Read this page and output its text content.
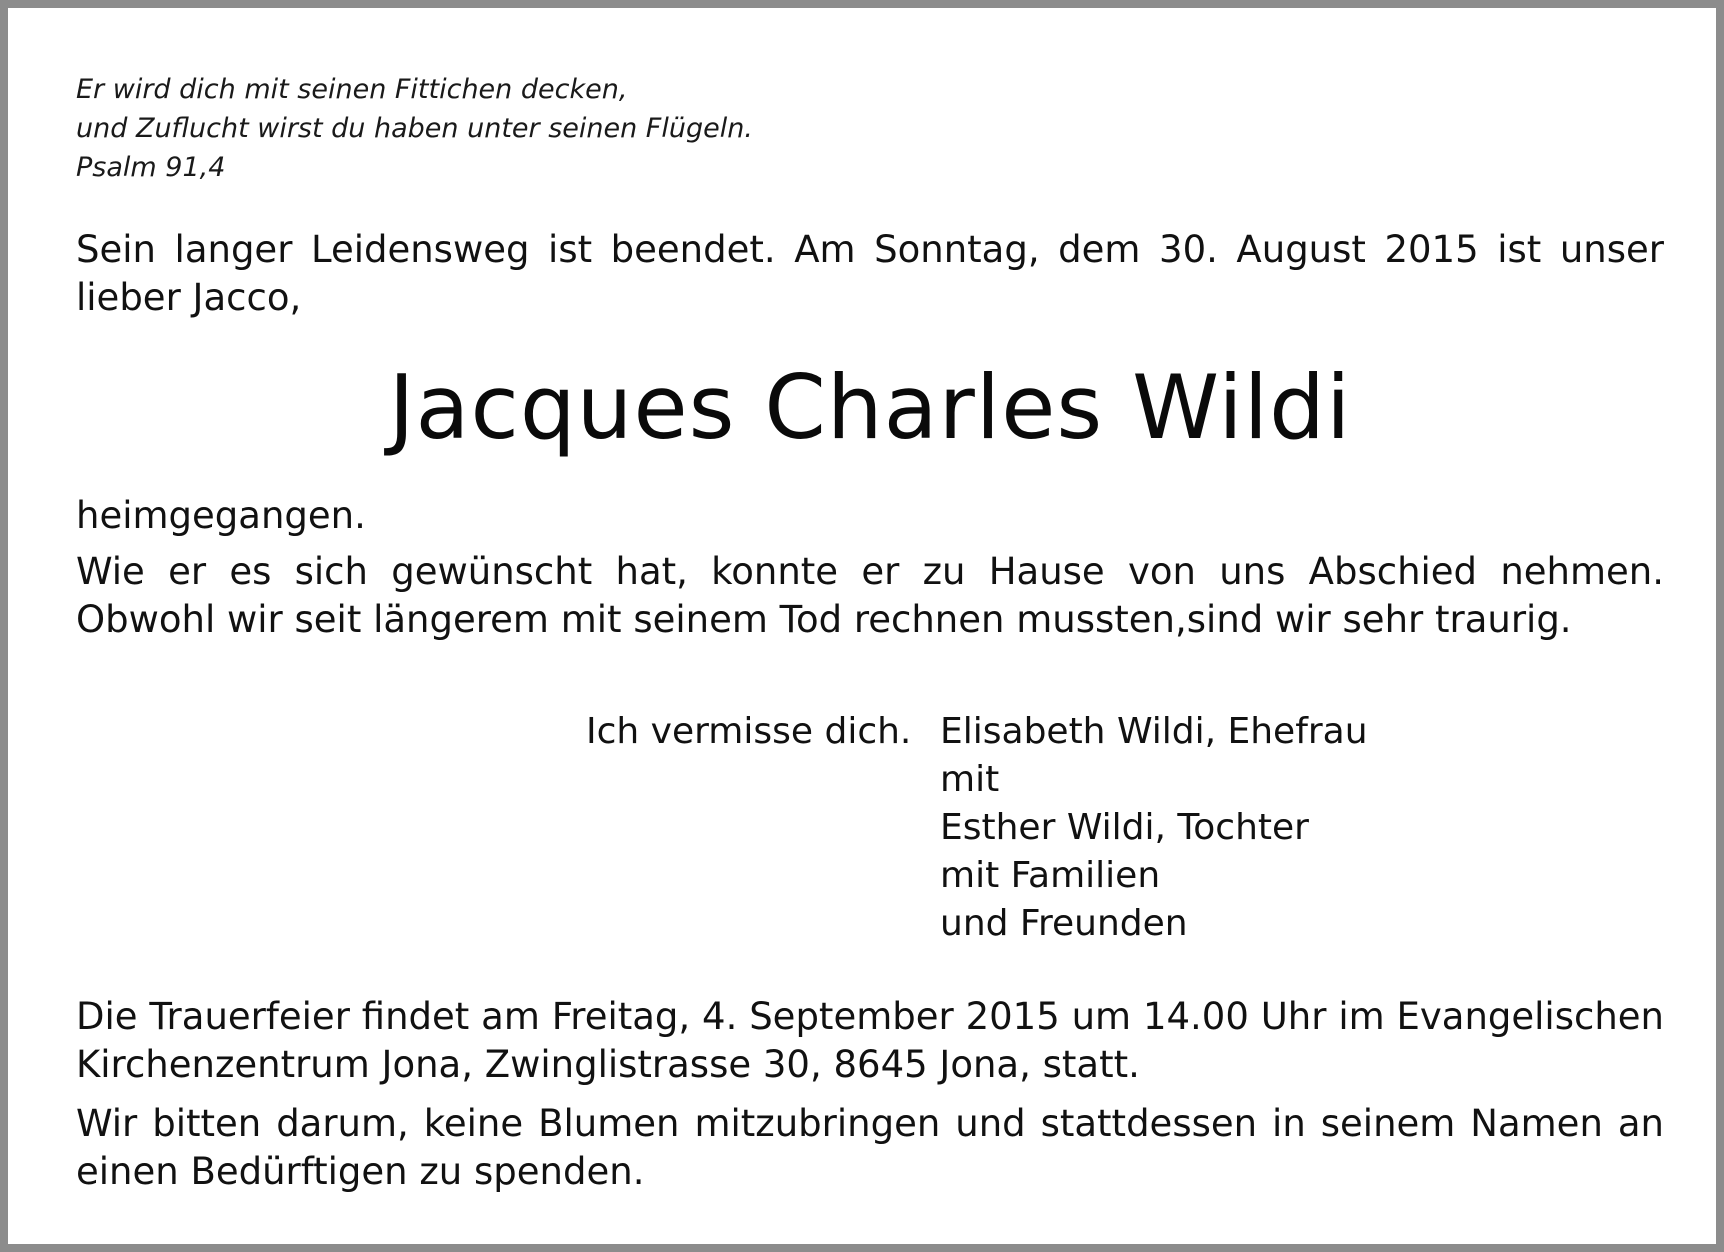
Er wird dich mit seinen Fittichen decken,
und Zuflucht wirst du haben unter seinen Flügeln.
Psalm 91,4
Sein langer Leidensweg ist beendet. Am Sonntag, dem 30. August 2015 ist unser lieber Jacco,
Jacques Charles Wildi
heimgegangen.
Wie er es sich gewünscht hat, konnte er zu Hause von uns Abschied nehmen. Obwohl wir seit längerem mit seinem Tod rechnen mussten,sind wir sehr traurig.
Ich vermisse dich. Elisabeth Wildi, Ehefrau
mit
Esther Wildi, Tochter
mit Familien
und Freunden
Die Trauerfeier findet am Freitag, 4. September 2015 um 14.00 Uhr im Evangelischen Kirchenzentrum Jona, Zwinglistrasse 30, 8645 Jona, statt.
Wir bitten darum, keine Blumen mitzubringen und stattdessen in seinem Namen an einen Bedürftigen zu spenden.
